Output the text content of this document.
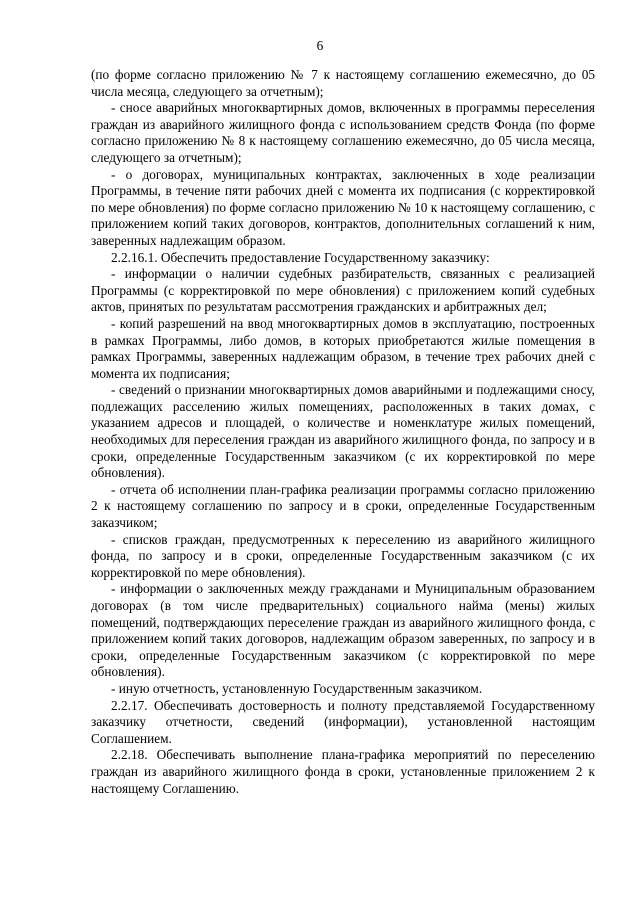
6

(по форме согласно приложению № 7 к настоящему соглашению ежемесячно, до 05 числа месяца, следующего за отчетным);

- сносе аварийных многоквартирных домов, включенных в программы переселения граждан из аварийного жилищного фонда с использованием средств Фонда (по форме согласно приложению № 8 к настоящему соглашению ежемесячно, до 05 числа месяца, следующего за отчетным);

- о договорах, муниципальных контрактах, заключенных в ходе реализации Программы, в течение пяти рабочих дней с момента их подписания (с корректировкой по мере обновления) по форме согласно приложению № 10 к настоящему соглашению, с приложением копий таких договоров, контрактов, дополнительных соглашений к ним, заверенных надлежащим образом.

2.2.16.1. Обеспечить предоставление Государственному заказчику:

- информации о наличии судебных разбирательств, связанных с реализацией Программы (с корректировкой по мере обновления) с приложением копий судебных актов, принятых по результатам рассмотрения гражданских и арбитражных дел;

- копий разрешений на ввод многоквартирных домов в эксплуатацию, построенных в рамках Программы, либо домов, в которых приобретаются жилые помещения в рамках Программы, заверенных надлежащим образом, в течение трех рабочих дней с момента их подписания;

- сведений о признании многоквартирных домов аварийными и подлежащими сносу, подлежащих расселению жилых помещениях, расположенных в таких домах, с указанием адресов и площадей, о количестве и номенклатуре жилых помещений, необходимых для переселения граждан из аварийного жилищного фонда, по запросу и в сроки, определенные Государственным заказчиком (с их корректировкой по мере обновления).

- отчета об исполнении план-графика реализации программы согласно приложению 2 к настоящему соглашению по запросу и в сроки, определенные Государственным заказчиком;

- списков граждан, предусмотренных к переселению из аварийного жилищного фонда, по запросу и в сроки, определенные Государственным заказчиком (с их корректировкой по мере обновления).

- информации о заключенных между гражданами и Муниципальным образованием договорах (в том числе предварительных) социального найма (мены) жилых помещений, подтверждающих переселение граждан из аварийного жилищного фонда, с приложением копий таких договоров, надлежащим образом заверенных, по запросу и в сроки, определенные Государственным заказчиком (с корректировкой по мере обновления).

- иную отчетность, установленную Государственным заказчиком.

2.2.17. Обеспечивать достоверность и полноту представляемой Государственному заказчику отчетности, сведений (информации), установленной настоящим Соглашением.

2.2.18. Обеспечивать выполнение плана-графика мероприятий по переселению граждан из аварийного жилищного фонда в сроки, установленные приложением 2 к настоящему Соглашению.
